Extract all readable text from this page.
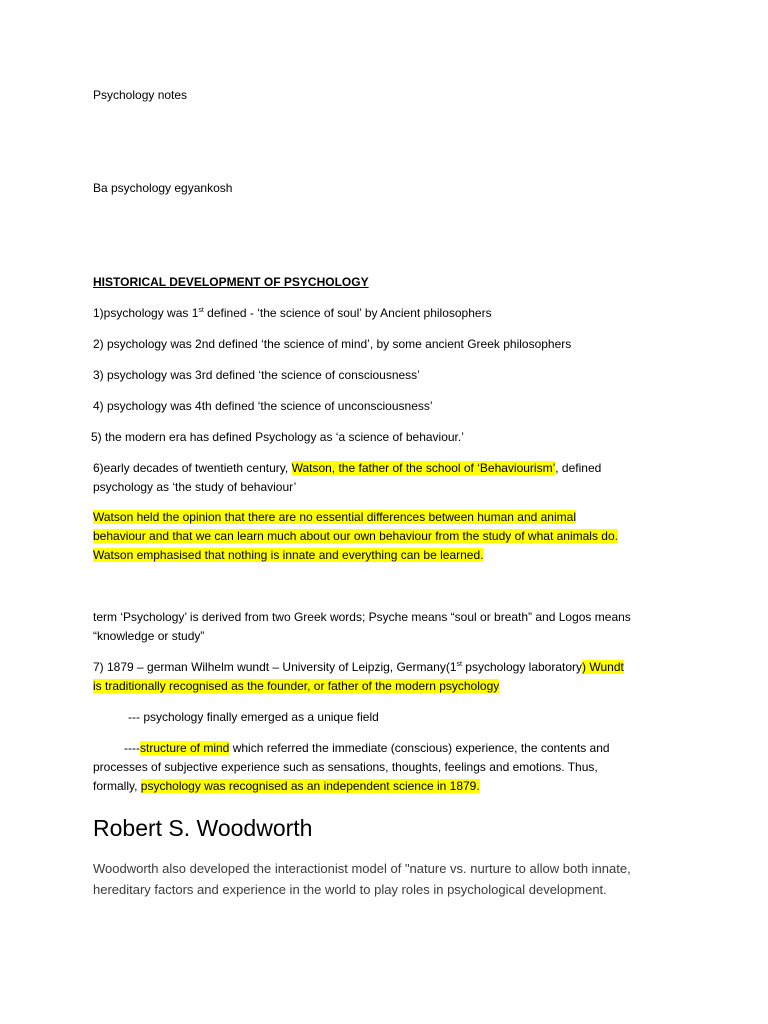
Psychology notes
Ba psychology egyankosh
HISTORICAL DEVELOPMENT OF PSYCHOLOGY
1)psychology was 1st defined - ‘the science of soul’ by Ancient philosophers
2) psychology was 2nd defined ‘the science of mind’, by some ancient Greek philosophers
3) psychology was 3rd defined ‘the science of consciousness’
4) psychology was 4th defined ‘the science of unconsciousness’
5) the modern era has defined Psychology as ‘a science of behaviour.’
6)early decades of twentieth century, Watson, the father of the school of ‘Behaviourism’, defined
psychology as ‘the study of behaviour’
Watson held the opinion that there are no essential differences between human and animal
behaviour and that we can learn much about our own behaviour from the study of what animals do.
Watson emphasised that nothing is innate and everything can be learned.
term ‘Psychology’ is derived from two Greek words; Psyche means “soul or breath” and Logos means
“knowledge or study”
7) 1879 – german Wilhelm wundt – University of Leipzig, Germany(1st psychology laboratory) Wundt
is traditionally recognised as the founder, or father of the modern psychology
--- psychology finally emerged as a unique field
----structure of mind which referred the immediate (conscious) experience, the contents and
processes of subjective experience such as sensations, thoughts, feelings and emotions. Thus,
formally, psychology was recognised as an independent science in 1879.
Robert S. Woodworth
Woodworth also developed the interactionist model of "nature vs. nurture to allow both innate, hereditary factors and experience in the world to play roles in psychological development.
